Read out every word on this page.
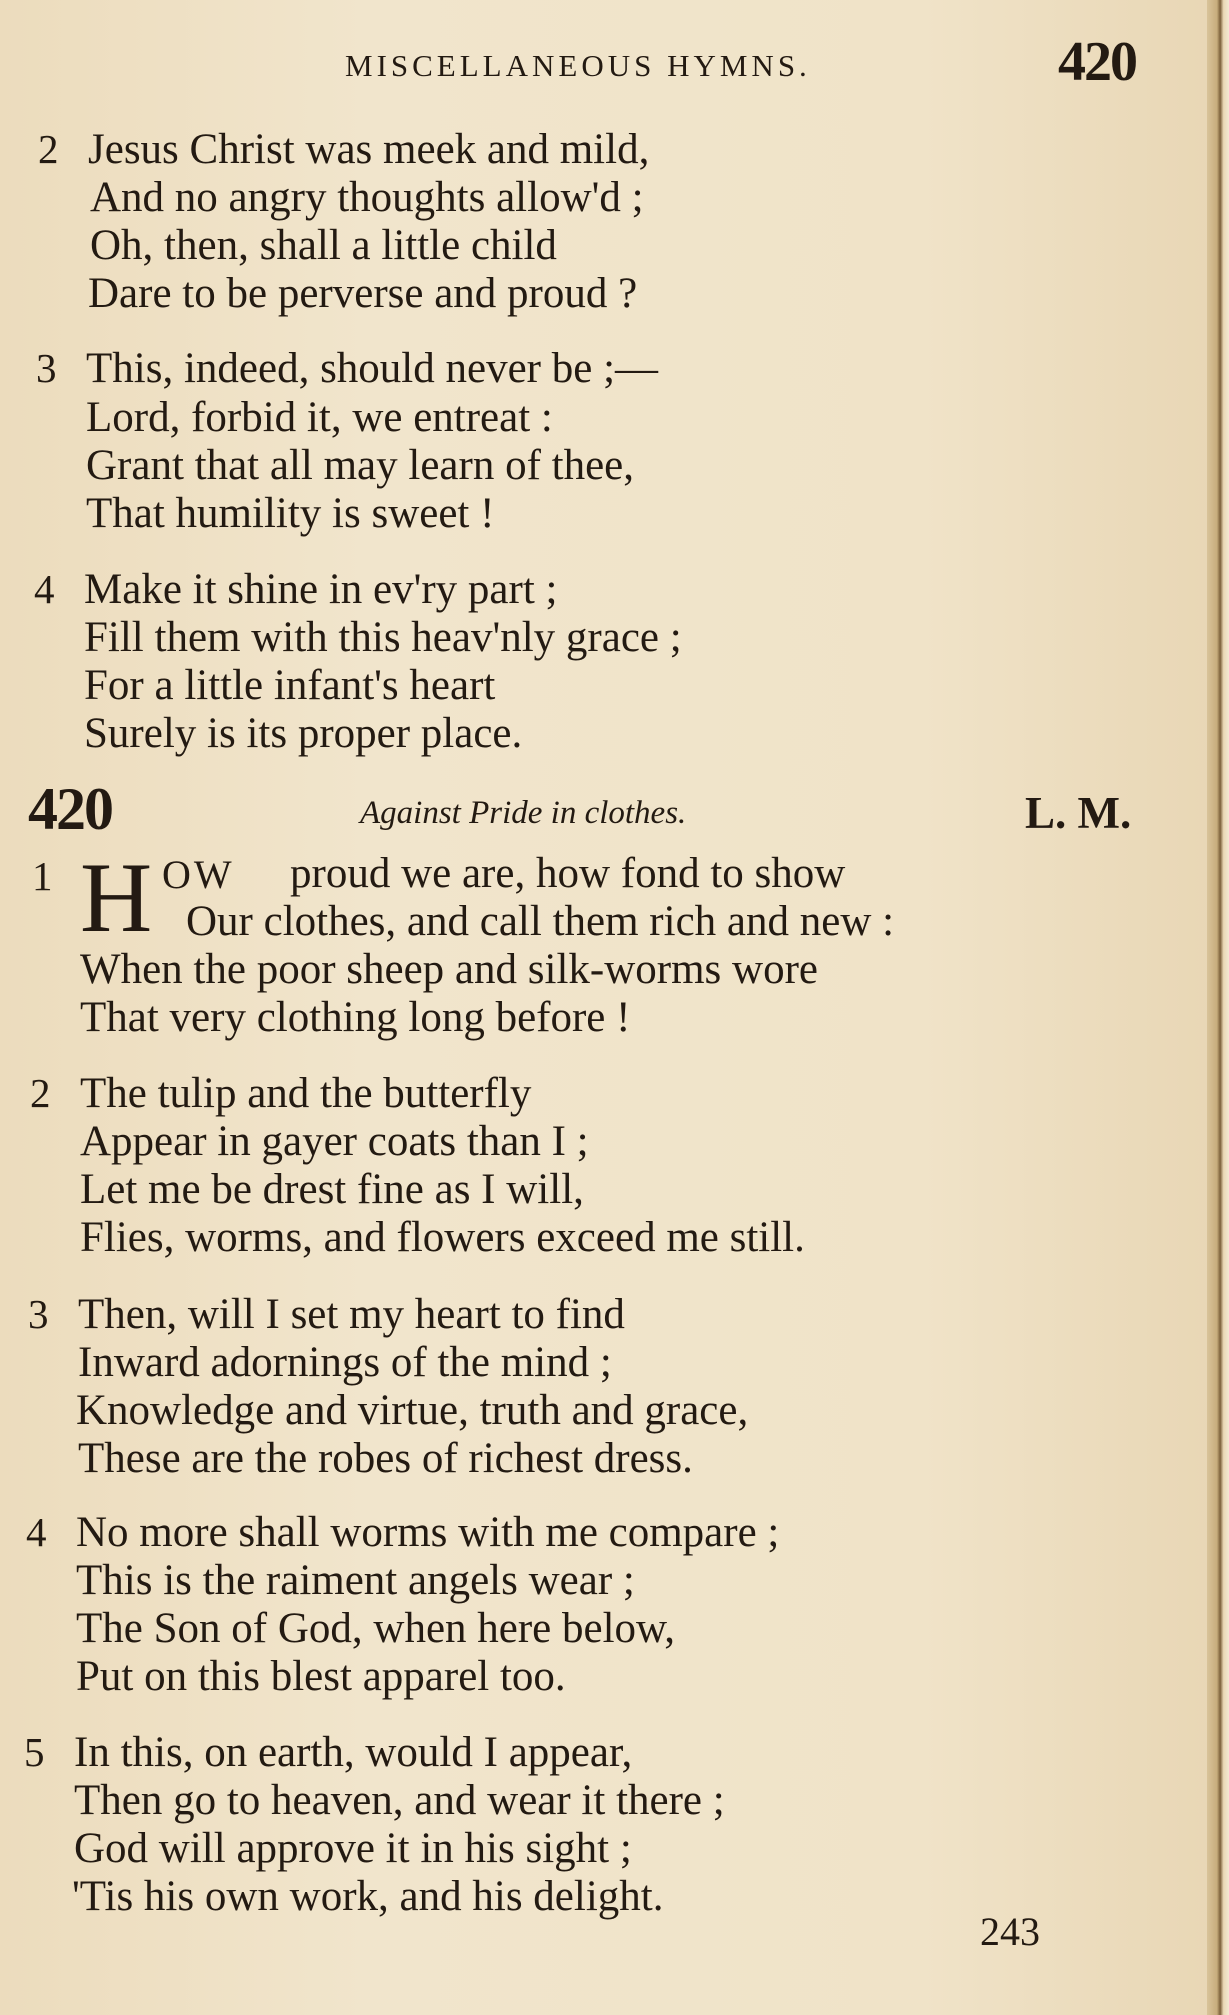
MISCELLANEOUS HYMNS.	420
2 Jesus Christ was meek and mild,
And no angry thoughts allow'd ;
Oh, then, shall a little child
Dare to be perverse and proud ?
3 This, indeed, should never be ;—
Lord, forbid it, we entreat :
Grant that all may learn of thee,
That humility is sweet !
4 Make it shine in ev'ry part ;
Fill them with this heav'nly grace ;
For a little infant's heart
Surely is its proper place.
420	Against Pride in clothes.	L. M.
1 H OW proud we are, how fond to show
Our clothes, and call them rich and new :
When the poor sheep and silk-worms wore
That very clothing long before !
2 The tulip and the butterfly
Appear in gayer coats than I ;
Let me be drest fine as I will,
Flies, worms, and flowers exceed me still.
3 Then, will I set my heart to find
Inward adornings of the mind ;
Knowledge and virtue, truth and grace,
These are the robes of richest dress.
4 No more shall worms with me compare ;
This is the raiment angels wear ;
The Son of God, when here below,
Put on this blest apparel too.
5 In this, on earth, would I appear,
Then go to heaven, and wear it there ;
God will approve it in his sight ;
'Tis his own work, and his delight.
243
